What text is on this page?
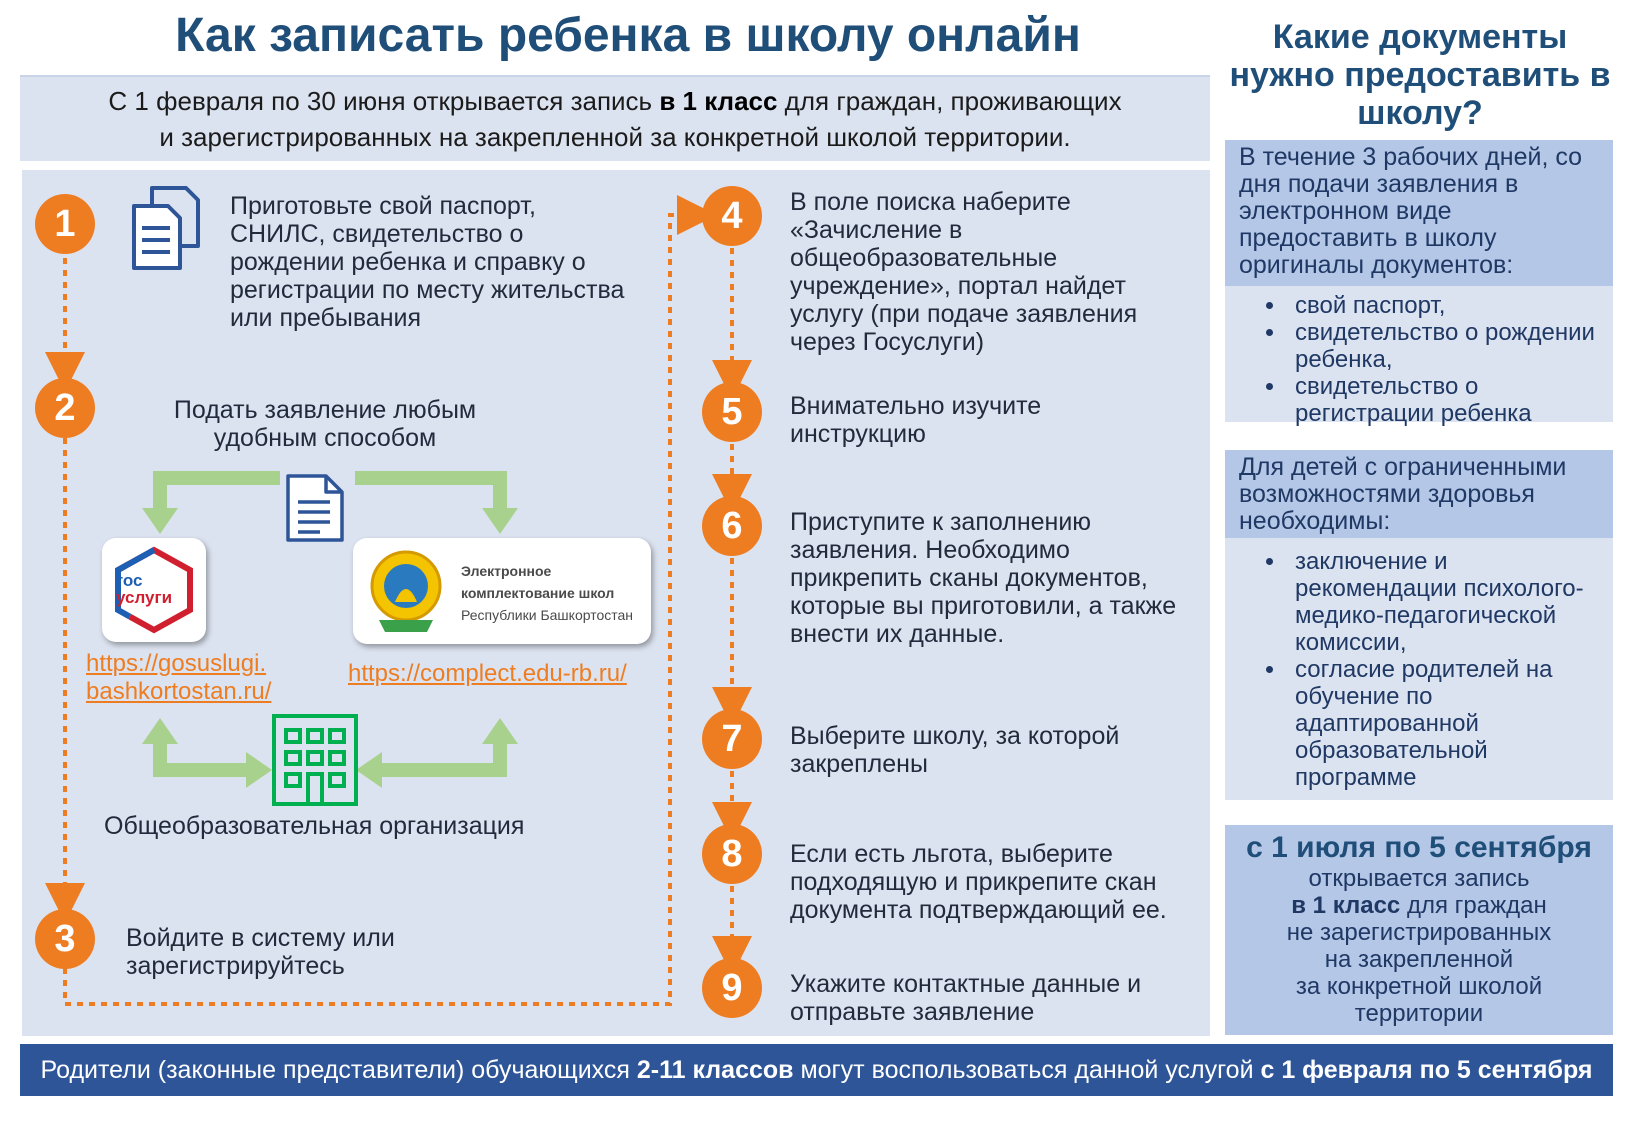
Как записать ребенка в школу онлайн
С 1 февраля по 30 июня открывается запись в 1 класс для граждан, проживающих
и зарегистрированных на закрепленной за конкретной школой территории.
1	Приготовьте свой паспорт, СНИЛС, свидетельство о рождении ребенка и справку о регистрации по месту жительства или пребывания
2	Подать заявление любым удобным способом
гос
услуги
https://gosuslugi.
bashkortostan.ru/
Электронное
комплектование школ
Республики Башкортостан
https://complect.edu-rb.ru/
Общеобразовательная организация
3	Войдите в систему или зарегистрируйтесь
4	В поле поиска наберите «Зачисление в общеобразовательные учреждение», портал найдет услугу (при подаче заявления через Госуслуги)
5	Внимательно изучите инструкцию
6	Приступите к заполнению заявления. Необходимо прикрепить сканы документов, которые вы приготовили, а также внести их данные.
7	Выберите школу, за которой закреплены
8	Если есть льгота, выберите подходящую и прикрепите скан документа подтверждающий ее.
9	Укажите контактные данные и отправьте заявление
Какие документы нужно предоставить в школу?
В течение 3 рабочих дней, со дня подачи заявления в электронном виде предоставить в школу оригиналы документов:
• свой паспорт,
• свидетельство о рождении ребенка,
• свидетельство о регистрации ребенка
Для детей с ограниченными возможностями здоровья необходимы:
• заключение и рекомендации психолого-медико-педагогической комиссии,
• согласие родителей на обучение по адаптированной образовательной программе
с 1 июля по 5 сентября
открывается запись
в 1 класс для граждан
не зарегистрированных
на закрепленной
за конкретной школой
территории
Родители (законные представители) обучающихся 2-11 классов могут воспользоваться данной услугой с 1 февраля по 5 сентября
